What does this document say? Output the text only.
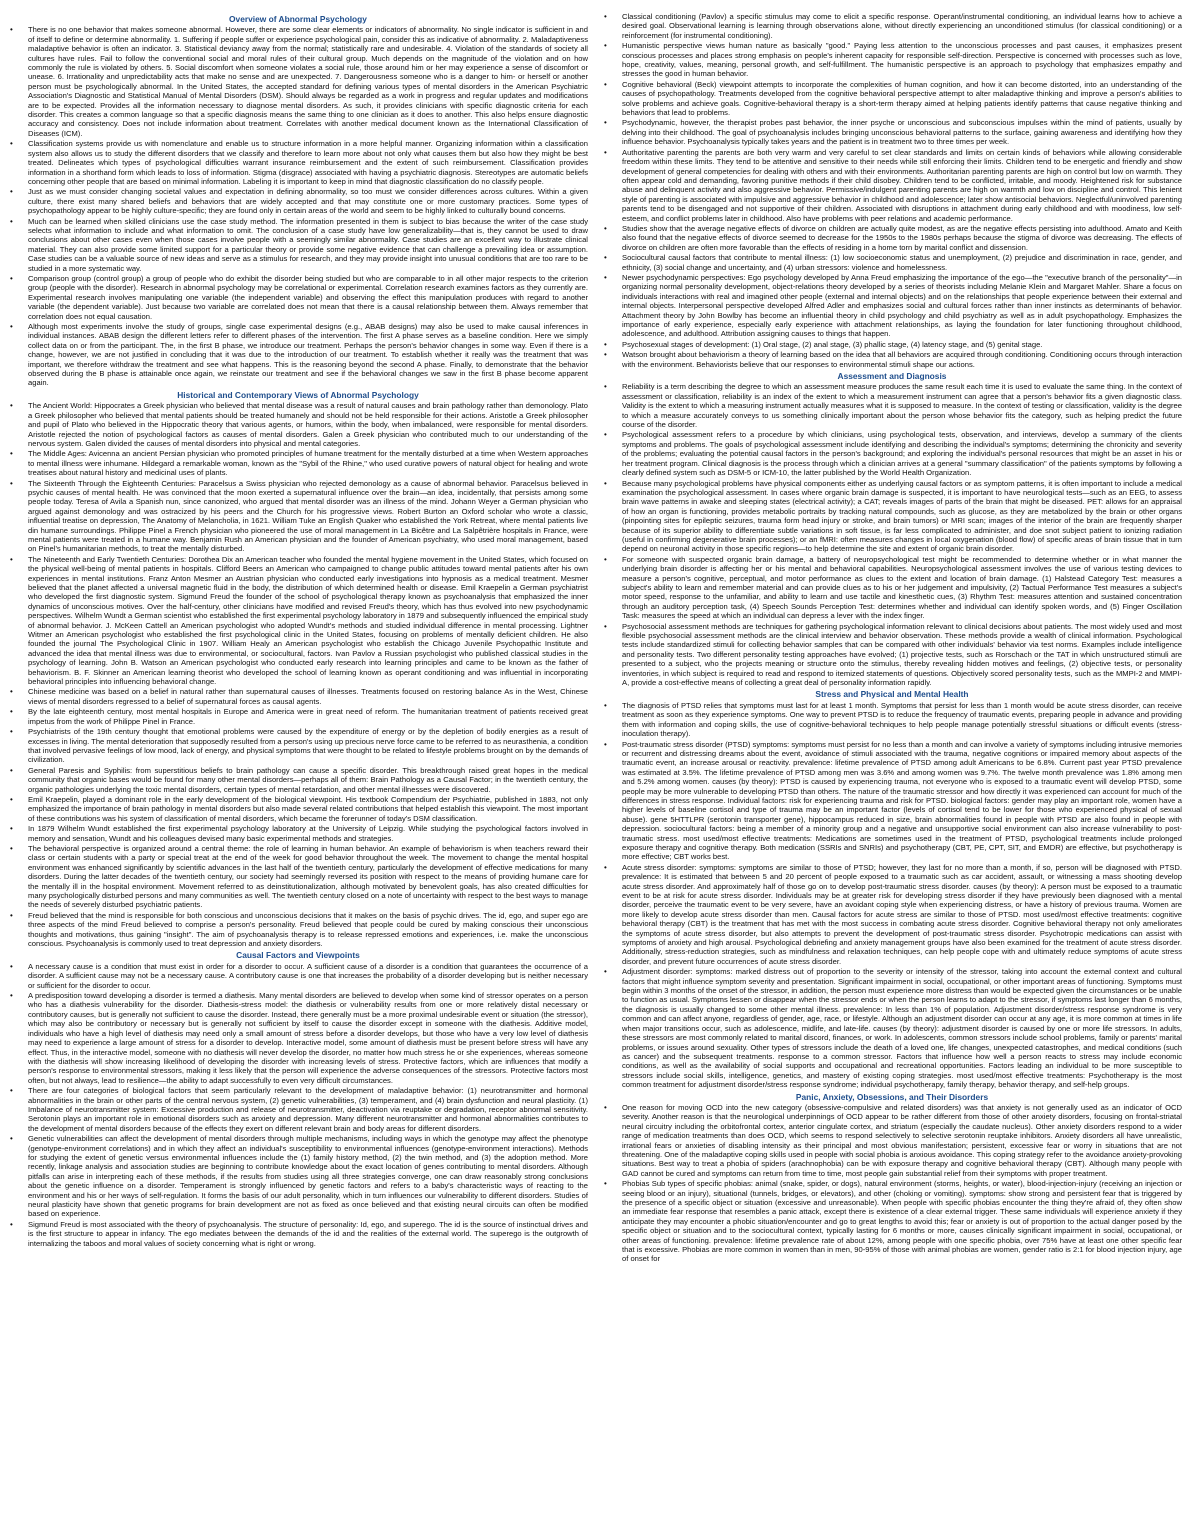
Overview of Abnormal Psychology
• There is no one behavior that makes someone abnormal. However, there are some clear elements or indicators of abnormality. No single indicator is sufficient in and of itself to define or determine abnormality. 1. Suffering if people suffer or experience psychological pain, consider this as indicative of abnormality. 2. Maladaptiveness maladaptive behavior is often an indicator. 3. Statistical deviancy away from the normal; statistically rare and undesirable. 4. Violation of the standards of society all cultures have rules. Fail to follow the conventional social and moral rules of their cultural group. Much depends on the magnitude of the violation and on how commonly the rule is violated by others. 5. Social discomfort when someone violates a social rule, those around him or her may experience a sense of discomfort or unease. 6. Irrationality and unpredictability acts that make no sense and are unexpected. 7. Dangerousness someone who is a danger to him- or herself or another person must be psychologically abnormal. In the United States, the accepted standard for defining various types of mental disorders in the American Psychiatric Association's Diagnostic and Statistical Manual of Mental Disorders (DSM). Should always be regarded as a work in progress and regular updates and modifications are to be expected. Provides all the information necessary to diagnose mental disorders. As such, it provides clinicians with specific diagnostic criteria for each disorder. This creates a common language so that a specific diagnosis means the same thing to one clinician as it does to another. This also helps ensure diagnostic accuracy and consistency. Does not include information about treatment. Correlates with another medical document known as the International Classification of Diseases (ICM).
• Classification systems provide us with nomenclature and enable us to structure information in a more helpful manner. Organizing information within a classification system also allows us to study the different disorders that we classify and therefore to learn more about not only what causes them but also how they might be best treated. Delineates which types of psychological difficulties warrant insurance reimbursement and the extent of such reimbursement. Classification provides information in a shorthand form which leads to loss of information. Stigma (disgrace) associated with having a psychiatric diagnosis. Stereotypes are automatic beliefs concerning other people that are based on minimal information. Labeling it is important to keep in mind that diagnostic classification do no classify people.
• Just as we must consider changing societal values and expectation in defining abnormality, so too must we consider differences across cultures. Within a given culture, there exist many shared beliefs and behaviors that are widely accepted and that may constitute one or more customary practices. Some types of psychopathology appear to be highly culture-specific; they are found only in certain areas of the world and seem to be highly linked to culturally bound concerns.
• Much can be learned when skilled clinicians use the case study method. The information presented in them is subject to bias because the writer of the case study selects what information to include and what information to omit. The conclusion of a case study have low generalizability—that is, they cannot be used to draw conclusions about other cases even when those cases involve people with a seemingly similar abnormality. Case studies are an excellent way to illustrate clinical material. They can also provide some limited support for a particular theory or provide some negative evidence that can challenge a prevailing idea or assumption. Case studies can be a valuable source of new ideas and serve as a stimulus for research, and they may provide insight into unusual conditions that are too rare to be studied in a more systematic way.
• Comparison group (control group) a group of people who do exhibit the disorder being studied but who are comparable to in all other major respects to the criterion group (people with the disorder). Research in abnormal psychology may be correlational or experimental. Correlation research examines factors as they currently are. Experimental research involves manipulating one variable (the independent variable) and observing the effect this manipulation produces with regard to another variable (the dependent variable). Just because two variable are correlated does not mean that there is a causal relationship between them. Always remember that correlation does not equal causation.
• Although most experiments involve the study of groups, single case experimental designs (e.g., ABAB designs) may also be used to make causal inferences in individual instances. ABAB design the different letters refer to different phases of the intervention. The first A phase serves as a baseline condition. Here we simply collect data on or from the participant. The, in the first B phase, we introduce our treatment. Perhaps the person's behavior changes in some way. Even if there is a change, however, we are not justified in concluding that it was due to the introduction of our treatment. To establish whether it really was the treatment that was important, we therefore withdraw the treatment and see what happens. This is the reasoning beyond the second A phase. Finally, to demonstrate that the behavior observed during the B phase is attainable once again, we reinstate our treatment and see if the behavioral changes we saw in the first B phase become apparent again.
Historical and Contemporary Views of Abnormal Psychology
• The Ancient World: Hippocrates a Greek physician who believed that mental disease was a result of natural causes and brain pathology rather than demonology. Plato a Greek philosopher who believed that mental patients should be treated humanely and should not be held responsible for their actions. Aristotle a Greek philosopher and pupil of Plato who believed in the Hippocratic theory that various agents, or humors, within the body, when imbalanced, were responsible for mental disorders. Aristotle rejected the notion of psychological factors as causes of mental disorders. Galen a Greek physician who contributed much to our understanding of the nervous system. Galen divided the causes of mental disorders into physical and mental categories.
• The Middle Ages: Avicenna an ancient Persian physician who promoted principles of humane treatment for the mentally disturbed at a time when Western approaches to mental illness were inhumane. Hildegard a remarkable woman, known as the "Sybil of the Rhine," who used curative powers of natural object for healing and wrote treatises about natural history and medicinal uses of plants.
• The Sixteenth Through the Eighteenth Centuries: Paracelsus a Swiss physician who rejected demonology as a cause of abnormal behavior. Paracelsus believed in psychic causes of mental health. He was convinced that the moon exerted a supernatural influence over the brain—an idea, incidentally, that persists among some people today. Teresa of Avila a Spanish nun, since canonized, who argued that mental disorder was an illness of the mind. Johann Weyer a German physician who argued against demonology and was ostracized by his peers and the Church for his progressive views. Robert Burton an Oxford scholar who wrote a classic, influential treatise on depression, The Anatomy of Melancholia, in 1621. William Tuke an English Quaker who established the York Retreat, where mental patients live din humane surroundings. Philippe Pinel a French physician who pioneered the use of moral management in La Bicêtre and La Salpêtrière hospitals in France, were mental patients were treated in a humane way. Benjamin Rush an American physician and the founder of American psychiatry, who used moral management, based on Pinel's humanitarian methods, to treat the mentally disturbed.
• The Nineteenth and Early Twentieth Centuries: Dorothea Dix an American teacher who founded the mental hygiene movement in the United States, which focused on the physical well-being of mental patients in hospitals. Clifford Beers an American who campaigned to change public attitudes toward mental patients after his own experiences in mental institutions. Franz Anton Mesmer an Austrian physician who conducted early investigations into hypnosis as a medical treatment. Mesmer believed that the planet affected a universal magnetic fluid in the body, the distribution of which determined health or disease. Emil Kraepelin a German psychiatrist who developed the first diagnostic system. Sigmund Freud the founder of the school of psychological therapy known as psychoanalysis that emphasized the inner dynamics of unconscious motives. Over the half-century, other clinicians have modified and revised Freud's theory, which has thus evolved into new psychodynamic perspectives. Wilhelm Wundt a German scientist who established the first experimental psychology laboratory in 1879 and subsequently influenced the empirical study of abnormal behavior. J. McKeen Cattell an American psychologist who adopted Wundt's methods and studied individual difference in mental processing. Lightner Witmer an American psychologist who established the first psychological clinic in the United States, focusing on problems of mentally deficient children. He also founded the journal The Psychological Clinic in 1907. William Healy an American psychologist who establish the Chicago Juvenile Psychopathic Institute and advanced the idea that mental illness was due to environmental, or sociocultural, factors. Ivan Pavlov a Russian psychologist who published classical studies in the psychology of learning. John B. Watson an American psychologist who conducted early research into learning principles and came to be known as the father of behaviorism. B. F. Skinner an American learning theorist who developed the school of learning known as operant conditioning and was influential in incorporating behavioral principles into influencing behavioral change.
• Chinese medicine was based on a belief in natural rather than supernatural causes of illnesses. Treatments focused on restoring balance As in the West, Chinese views of mental disorders regressed to a belief of supernatural forces as causal agents.
• By the late eighteenth century, most mental hospitals in Europe and America were in great need of reform. The humanitarian treatment of patients received great impetus from the work of Philippe Pinel in France.
• Psychiatrists of the 19th century thought that emotional problems were caused by the expenditure of energy or by the depletion of bodily energies as a result of excesses in living. The mental deterioration that supposedly resulted from a person's using up precious nerve force came to be referred to as neurasthenia, a condition that involved pervasive feelings of low mood, lack of energy, and physical symptoms that were thought to be related to lifestyle problems brought on by the demands of civilization.
• General Paresis and Syphilis: from superstitious beliefs to brain pathology can cause a specific disorder. This breakthrough raised great hopes in the medical community that organic bases would be found for many other mental disorders—perhaps all of them: Brain Pathology as a Causal Factor; in the twentieth century, the organic pathologies underlying the toxic mental disorders, certain types of mental retardation, and other mental illnesses were discovered.
• Emil Kraepelin, played a dominant role in the early development of the biological viewpoint. His textbook Compendium der Psychiatrie, published in 1883, not only emphasized the importance of brain pathology in mental disorders but also made several related contributions that helped establish this viewpoint. The most important of these contributions was his system of classification of mental disorders, which became the forerunner of today's DSM classification.
• In 1879 Wilhelm Wundt established the first experimental psychology laboratory at the University of Leipzig. While studying the psychological factors involved in memory and sensation, Wundt and his colleagues devised many basic experimental methods and strategies.
• The behavioral perspective is organized around a central theme: the role of learning in human behavior. An example of behaviorism is when teachers reward their class or certain students with a party or special treat at the end of the week for good behavior throughout the week. The movement to change the mental hospital environment was enhanced significantly by scientific advances in the last half of the twentieth century, particularly the development of effective medications for many disorders. During the latter decades of the twentieth century, our society had seemingly reversed its position with respect to the means of providing humane care for the mentally ill in the hospital environment. Movement referred to as deinstitutionalization, although motivated by benevolent goals, has also created difficulties for many psychologically disturbed persons and many communities as well. The twentieth century closed on a note of uncertainty with respect to the best ways to manage the needs of severely disturbed psychiatric patients.
• Freud believed that the mind is responsible for both conscious and unconscious decisions that it makes on the basis of psychic drives. The id, ego, and super ego are three aspects of the mind Freud believed to comprise a person's personality. Freud believed that people could be cured by making conscious their unconscious thoughts and motivations, thus gaining "insight". The aim of psychoanalysis therapy is to release repressed emotions and experiences, i.e. make the unconscious conscious. Psychoanalysis is commonly used to treat depression and anxiety disorders.
Causal Factors and Viewpoints
• A necessary cause is a condition that must exist in order for a disorder to occur. A sufficient cause of a disorder is a condition that guarantees the occurrence of a disorder. A sufficient cause may not be a necessary cause. A contributory cause is one that increases the probability of a disorder developing but is neither necessary or sufficient for the disorder to occur.
• A predisposition toward developing a disorder is termed a diathesis. Many mental disorders are believed to develop when some kind of stressor operates on a person who has a diathesis vulnerability for the disorder. Diathesis-stress model: the diathesis or vulnerability results from one or more relatively distal necessary or contributory causes, but is generally not sufficient to cause the disorder. Instead, there generally must be a more proximal undesirable event or situation (the stressor), which may also be contributory or necessary but is generally not sufficient by itself to cause the disorder except in someone with the diathesis. Additive model, individuals who have a high level of diathesis may need only a small amount of stress before a disorder develops, but those who have a very low level of diathesis may need to experience a large amount of stress for a disorder to develop. Interactive model, some amount of diathesis must be present before stress will have any effect. Thus, in the interactive model, someone with no diathesis will never develop the disorder, no matter how much stress he or she experiences, whereas someone with the diathesis will show increasing likelihood of developing the disorder with increasing levels of stress. Protective factors, which are influences that modify a person's response to environmental stressors, making it less likely that the person will experience the adverse consequences of the stressors. Protective factors most often, but not always, lead to resilience—the ability to adapt successfully to even very difficult circumstances.
• There are four categories of biological factors that seem particularly relevant to the development of maladaptive behavior: (1) neurotransmitter and hormonal abnormalities in the brain or other parts of the central nervous system, (2) genetic vulnerabilities, (3) temperament, and (4) brain dysfunction and neural plasticity. (1) Imbalance of neurotransmitter system: Excessive production and release of neurotransmitter, deactivation via reuptake or degradation, receptor abnormal sensitivity. Serotonin plays an important role in emotional disorders such as anxiety and depression. Many different neurotransmitter and hormonal abnormalities contributes to the development of mental disorders because of the effects they exert on different relevant brain and body areas for different disorders.
• Genetic vulnerabilities can affect the development of mental disorders through multiple mechanisms, including ways in which the genotype may affect the phenotype (genotype-environment correlations) and in which they affect an individual's susceptibility to environmental influences (genotype-environment interactions). Methods for studying the extent of genetic versus environmental influences include the (1) family history method, (2) the twin method, and (3) the adoption method. More recently, linkage analysis and association studies are beginning to contribute knowledge about the exact location of genes contributing to mental disorders. Although pitfalls can arise in interpreting each of these methods, if the results from studies using all three strategies converge, one can draw reasonably strong conclusions about the genetic influence on a disorder. Temperament is strongly influenced by genetic factors and refers to a baby's characteristic ways of reacting to the environment and his or her ways of self-regulation. It forms the basis of our adult personality, which in turn influences our vulnerability to different disorders. Studies of neural plasticity have shown that genetic programs for brain development are not as fixed as once believed and that existing neural circuits can often be modified based on experience.
• Sigmund Freud is most associated with the theory of psychoanalysis. The structure of personality: Id, ego, and superego. The id is the source of instinctual drives and is the first structure to appear in infancy. The ego mediates between the demands of the id and the realities of the external world. The superego is the outgrowth of internalizing the taboos and moral values of society concerning what is right or wrong.
• Classical conditioning (Pavlov) a specific stimulus may come to elicit a specific response. Operant/instrumental conditioning, an individual learns how to achieve a desired goal. Observational learning is learning through observations alone, without directly experiencing an unconditioned stimulus (for classical conditioning) or a reinforcement (for instrumental conditioning).
• Humanistic perspective views human nature as basically "good." Paying less attention to the unconscious processes and past causes, it emphasizes present conscious processes and places strong emphasis on people's inherent capacity for responsible self-direction. Perspective is concerned with processes such as love, hope, creativity, values, meaning, personal growth, and self-fulfillment. The humanistic perspective is an approach to psychology that emphasizes empathy and stresses the good in human behavior.
• Cognitive behavioral (Beck) viewpoint attempts to incorporate the complexities of human cognition, and how it can become distorted, into an understanding of the causes of psychopathology. Treatments developed from the cognitive behavioral perspective attempt to alter maladaptive thinking and improve a person's abilities to solve problems and achieve goals. Cognitive-behavioral therapy is a short-term therapy aimed at helping patients identify patterns that cause negative thinking and behaviors that lead to problems.
• Psychodynamic, however, the therapist probes past behavior, the inner psyche or unconscious and subconscious impulses within the mind of patients, usually by delving into their childhood. The goal of psychoanalysis includes bringing unconscious behavioral patterns to the surface, gaining awareness and identifying how they influence behavior. Psychoanalysis typically takes years and the patient is in treatment two to three times per week.
• Authoritative parenting the parents are both very warm and very careful to set clear standards and limits on certain kinds of behaviors while allowing considerable freedom within these limits. They tend to be attentive and sensitive to their needs while still enforcing their limits. Children tend to be energetic and friendly and show development of general competencies for dealing with others and with their environments. Authoritarian parenting parents are high on control but low on warmth. They often appear cold and demanding, favoring punitive methods if their child disobey. Children tend to be conflicted, irritable, and moody. Heightened risk for substance abuse and delinquent activity and also aggressive behavior. Permissive/indulgent parenting parents are high on warmth and low on discipline and control. This lenient style of parenting is associated with impulsive and aggressive behavior in childhood and adolescence; later show antisocial behaviors. Neglectful/uninvolved parenting parents tend to be disengaged and not supportive of their children. Associated with disruptions in attachment during early childhood and with moodiness, low self-esteem, and conflict problems later in childhood. Also have problems with peer relations and academic performance.
• Studies show that the average negative effects of divorce on children are actually quite modest, as are the negative effects persisting into adulthood. Amato and Keith also found that the negative effects of divorce seemed to decrease for the 1950s to the 1980s perhaps because the stigma of divorce was decreasing. The effects of divorce on children are often more favorable than the effects of residing in a home torn by marital conflict and dissension.
• Sociocultural causal factors that contribute to mental illness: (1) low socioeconomic status and unemployment, (2) prejudice and discrimination in race, gender, and ethnicity, (3) social change and uncertainty, and (4) urban stressors: violence and homelessness.
• Newer psychodynamic perspectives: Ego psychology developed by Anna Freud emphasizing the importance of the ego—the "executive branch of the personality"—in organizing normal personality development, object-relations theory developed by a series of theorists including Melanie Klein and Margaret Mahler. Share a focus on individuals interactions with real and imagined other people (external and internal objects) and on the relationships that people experience between their external and internal objects. Interpersonal perspective developed Alfred Adler and emphasizes social and cultural forces rather than inner instincts as determinants of behavior. Attachment theory by John Bowlby has become an influential theory in child psychology and child psychiatry as well as in adult psychopathology. Emphasizes the importance of early experience, especially early experience with attachment relationships, as laying the foundation for later functioning throughout childhood, adolescence, and adulthood. Attribution assigning causes to things that happen.
• Psychosexual stages of development: (1) Oral stage, (2) anal stage, (3) phallic stage, (4) latency stage, and (5) genital stage.
• Watson brought about behaviorism a theory of learning based on the idea that all behaviors are acquired through conditioning. Conditioning occurs through interaction with the environment. Behaviorists believe that our responses to environmental stimuli shape our actions.
Assessment and Diagnosis
• Reliability is a term describing the degree to which an assessment measure produces the same result each time it is used to evaluate the same thing. In the context of assessment or classification, reliability is an index of the extent to which a measurement instrument can agree that a person's behavior fits a given diagnostic class. Validity is the extent to which a measuring instrument actually measures what it is supposed to measure. In the context of testing or classification, validity is the degree to which a measure accurately conveys to us something clinically important about the person whose behavior fits the category, such as helping predict the future course of the disorder.
• Psychological assessment refers to a procedure by which clinicians, using psychological tests, observation, and interviews, develop a summary of the clients symptoms and problems. The goals of psychological assessment include identifying and describing the individual's symptoms; determining the chronicity and severity of the problems; evaluating the potential causal factors in the person's background; and exploring the individual's personal resources that might be an asset in his or her treatment program. Clinical diagnosis is the process through which a clinician arrives at a general "summary classification" of the patients symptoms by following a clearly defined system such as DSM-5 or ICM-10, the latter published by the World Health Organization.
• Because many psychological problems have physical components either as underlying causal factors or as symptom patterns, it is often important to include a medical examination the psychological assessment. In cases where organic brain damage is suspected, it is important to have neurological tests—such as an EEG, to assess brain wave patterns in awake and sleeping states (electrical activity); a CAT; reveals images of parts of the brain that might be diseased. PET: allows for an appraisal of how an organ is functioning, provides metabolic portraits by tracking natural compounds, such as glucose, as they are metabolized by the brain or other organs (pinpointing sites for epileptic seizures, trauma form head injury or stroke, and brain tumors) or MRI scan; images of the interior of the brain are frequently sharper because of its superior ability to differentiate subtle variations in soft tissue, is far less complicated to administer, and doe snot subject patient to ionizing radiation (useful in confirming degenerative brain processes); or an fMRI: often measures changes in local oxygenation (blood flow) of specific areas of brain tissue that in turn depend on neuronal activity in those specific regions—to help determine the site and extent of organic brain disorder.
• For someone with suspected organic brain damage, a battery of neuropsychological test might be recommended to determine whether or in what manner the underlying brain disorder is affecting her or his mental and behavioral capabilities. Neuropsychological assessment involves the use of various testing devices to measure a person's cognitive, perceptual, and motor performance as clues to the extent and location of brain damage. (1) Halstead Category Test: measures a subject's ability to learn and remember material and can provide clues as to his or her judgement and impulsivity, (2) Tactual Performance Test measures a subject's motor speed, response to the unfamiliar, and ability to learn and use tactile and kinesthetic cues, (3) Rhythm Test: measures attention and sustained concentration through an auditory perception task, (4) Speech Sounds Perception Test: determines whether and individual can identify spoken words, and (5) Finger Oscillation Task: measures the speed at which an individual can depress a lever with the index finger.
• Psychosocial assessment methods are techniques for gathering psychological information relevant to clinical decisions about patients. The most widely used and most flexible psychosocial assessment methods are the clinical interview and behavior observation. These methods provide a wealth of clinical information. Psychological tests include standardized stimuli for collecting behavior samples that can be compared with other individuals' behavior via test norms. Examples include intelligence and personality tests. Two different personality testing approaches have evolved; (1) projective tests, such as Rorschach or the TAT in which unstructured stimuli are presented to a subject, who the projects meaning or structure onto the stimulus, thereby revealing hidden motives and feelings, (2) objective tests, or personality inventories, in which subject is required to read and respond to itemized statements of questions. Objectively scored personality tests, such as the MMPI-2 and MMPI-A, provide a cost-effective means of collecting a great deal of personality information rapidly.
Stress and Physical and Mental Health
• The diagnosis of PTSD relies that symptoms must last for at least 1 month. Symptoms that persist for less than 1 month would be acute stress disorder, can receive treatment as soon as they experience symptoms. One way to prevent PTSD is to reduce the frequency of traumatic events, preparing people in advance and providing them with information and coping skills, the use of cognitive-behavioral techniques to help people manage potentially stressful situations or difficult events (stress-inoculation therapy).
• Post-traumatic stress disorder (PTSD) symptoms: symptoms must persist for no less than a month and can involve a variety of symptoms including intrusive memories or recurrent and distressing dreams about the event, avoidance of stimuli associated with the trauma, negative cognitions or impaired memory about aspects of the traumatic event, an increase arousal or reactivity. prevalence: lifetime prevalence of PTSD among adult Americans to be 6.8%. Current past year PTSD prevalence was estimated at 3.5%. The lifetime prevalence of PTSD among men was 3.6% and among women was 9.7%. The twelve month prevalence was 1.8% among men and 5.2% among women. causes (by theory): PTSD is caused by experiencing trauma, not everyone who is exposed to a traumatic event will develop PTSD, some people may be more vulnerable to developing PTSD than others. The nature of the traumatic stressor and how directly it was experienced can account for much of the differences in stress response. Individual factors: risk for experiencing trauma and risk for PTSD. biological factors: gender may play an important role, women have a higher levels of baseline cortisol and type of trauma may be an important factor (levels of cortisol tend to be lower for those who experienced physical of sexual abuse). gene 5HTTLPR (serotonin transporter gene), hippocampus reduced in size, brain abnormalities found in people with PTSD are also found in people with depression. sociocultural factors: being a member of a minority group and a negative and unsupportive social environment can also increase vulnerability to post-traumatic stress. most used/most effective treatments: Medications are sometimes used in the treatment of PTSD, psychological treatments include prolonged exposure therapy and cognitive therapy. Both medication (SSRIs and SNRIs) and psychotherapy (CBT, PE, CPT, SIT, and EMDR) are effective, but psychotherapy is more effective; CBT works best.
• Acute stress disorder: symptoms: symptoms are similar to those of PTSD; however, they last for no more than a month, if so, person will be diagnosed with PTSD. prevalence: It is estimated that between 5 and 20 percent of people exposed to a traumatic such as car accident, assault, or witnessing a mass shooting develop acute stress disorder. And approximately half of those go on to develop post-traumatic stress disorder. causes (by theory): A person must be exposed to a traumatic event to be at risk for acute stress disorder. Individuals may be at greater risk for developing stress disorder if they have previously been diagnosed with a mental disorder, perceive the traumatic event to be very severe, have an avoidant coping style when experiencing distress, or have a history of previous trauma. Women are more likely to develop acute stress disorder than men. Causal factors for acute stress are similar to those of PTSD. most used/most effective treatments: cognitive behavioral therapy (CBT) is the treatment that has met with the most success in combating acute stress disorder. Cognitive behavioral therapy not only ameliorates the symptoms of acute stress disorder, but also attempts to prevent the development of post-traumatic stress disorder. Psychotropic medications can assist with symptoms of anxiety and high arousal. Psychological debriefing and anxiety management groups have also been examined for the treatment of acute stress disorder. Additionally, stress-reduction strategies, such as mindfulness and relaxation techniques, can help people cope with and ultimately reduce symptoms of acute stress disorder, and prevent future occurrences of acute stress disorder.
• Adjustment disorder: symptoms: marked distress out of proportion to the severity or intensity of the stressor, taking into account the external context and cultural factors that might influence symptom severity and presentation. Significant impairment in social, occupational, or other important areas of functioning. Symptoms must begin within 3 months of the onset of the stressor, in addition, the person must experience more distress than would be expected given the circumstances or be unable to function as usual. Symptoms lessen or disappear when the stressor ends or when the person learns to adapt to the stressor, if symptoms last longer than 6 months, the diagnosis is usually changed to some other mental illness. prevalence: In less than 1% of population. Adjustment disorder/stress response syndrome is very common and can affect anyone, regardless of gender, age, race, or lifestyle. Although an adjustment disorder can occur at any age, it is more common at times in life when major transitions occur, such as adolescence, midlife, and late-life. causes (by theory): adjustment disorder is caused by one or more life stressors. In adults, these stressors are most commonly related to marital discord, finances, or work. In adolescents, common stressors include school problems, family or parents' marital problems, or issues around sexuality. Other types of stressors include the death of a loved one, life changes, unexpected catastrophes, and medical conditions (such as cancer) and the subsequent treatments. response to a common stressor. Factors that influence how well a person reacts to stress may include economic conditions, as well as the availability of social supports and occupational and recreational opportunities. Factors leading an individual to be more susceptible to stressors include social skills, intelligence, genetics, and mastery of existing coping strategies. most used/most effective treatments: Psychotherapy is the most common treatment for adjustment disorder/stress response syndrome; individual psychotherapy, family therapy, behavior therapy, and self-help groups.
Panic, Anxiety, Obsessions, and Their Disorders
• One reason for moving OCD into the new category (obsessive-compulsive and related disorders) was that anxiety is not generally used as an indicator of OCD severity. Another reason is that the neurological underpinnings of OCD appear to be rather different from those of other anxiety disorders, focusing on frontal-striatal neural circuitry including the orbitofrontal cortex, anterior cingulate cortex, and striatum (especially the caudate nucleus). Other anxiety disorders respond to a wider range of medication treatments than does OCD, which seems to respond selectively to selective serotonin reuptake inhibitors. Anxiety disorders all have unrealistic, irrational fears or anxieties of disabling intensity as their principal and most obvious manifestation; persistent, excessive fear or worry in situations that are not threatening. One of the maladaptive coping skills used in people with social phobia is anxious avoidance. This coping strategy refer to the avoidance anxiety-provoking situations. Best way to treat a phobia of spiders (arachnophobia) can be with exposure therapy and cognitive behavioral therapy (CBT). Although many people with GAD cannot be cured and symptoms can return from time to time, most people gain substantial relief from their symptoms with proper treatment.
• Phobias Sub types of specific phobias: animal (snake, spider, or dogs), natural environment (storms, heights, or water), blood-injection-injury (receiving an injection or seeing blood or an injury), situational (tunnels, bridges, or elevators), and other (choking or vomiting). symptoms: show strong and persistent fear that is triggered by the presence of a specific object or situation (excessive and unreasonable). When people with specific phobias encounter the thing they're afraid of, they often show an immediate fear response that resembles a panic attack, except there is existence of a clear external trigger. These same individuals will experience anxiety if they anticipate they may encounter a phobic situation/encounter and go to great lengths to avoid this; fear or anxiety is out of proportion to the actual danger posed by the specific object or situation and to the sociocultural context, typically lasting for 6 months or more, causes clinically significant impairment in social, occupational, or other areas of functioning. prevalence: lifetime prevalence rate of about 12%, among people with one specific phobia, over 75% have at least one other specific fear that is excessive. Phobias are more common in women than in men, 90-95% of those with animal phobias are women, gender ratio is 2:1 for blood injection injury, age of onset for
